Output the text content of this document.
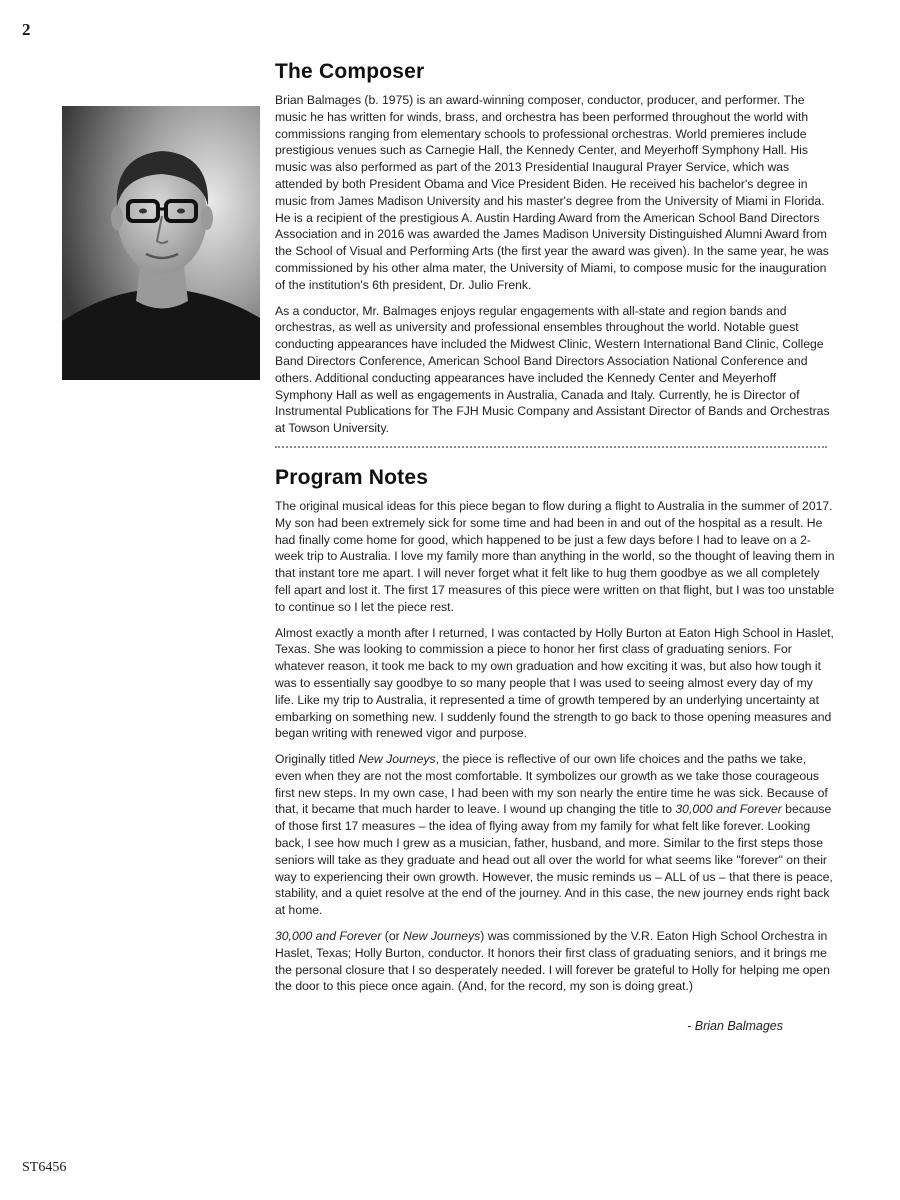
2
The Composer

Brian Balmages (b. 1975) is an award-winning composer, conductor, producer, and performer. The music he has written for winds, brass, and orchestra has been performed throughout the world with commissions ranging from elementary schools to professional orchestras. World premieres include prestigious venues such as Carnegie Hall, the Kennedy Center, and Meyerhoff Symphony Hall. His music was also performed as part of the 2013 Presidential Inaugural Prayer Service, which was attended by both President Obama and Vice President Biden. He received his bachelor's degree in music from James Madison University and his master's degree from the University of Miami in Florida. He is a recipient of the prestigious A. Austin Harding Award from the American School Band Directors Association and in 2016 was awarded the James Madison University Distinguished Alumni Award from the School of Visual and Performing Arts (the first year the award was given). In the same year, he was commissioned by his other alma mater, the University of Miami, to compose music for the inauguration of the institution's 6th president, Dr. Julio Frenk.

As a conductor, Mr. Balmages enjoys regular engagements with all-state and region bands and orchestras, as well as university and professional ensembles throughout the world. Notable guest conducting appearances have included the Midwest Clinic, Western International Band Clinic, College Band Directors Conference, American School Band Directors Association National Conference and others. Additional conducting appearances have included the Kennedy Center and Meyerhoff Symphony Hall as well as engagements in Australia, Canada and Italy. Currently, he is Director of Instrumental Publications for The FJH Music Company and Assistant Director of Bands and Orchestras at Towson University.

Program Notes

The original musical ideas for this piece began to flow during a flight to Australia in the summer of 2017. My son had been extremely sick for some time and had been in and out of the hospital as a result. He had finally come home for good, which happened to be just a few days before I had to leave on a 2-week trip to Australia. I love my family more than anything in the world, so the thought of leaving them in that instant tore me apart. I will never forget what it felt like to hug them goodbye as we all completely fell apart and lost it. The first 17 measures of this piece were written on that flight, but I was too unstable to continue so I let the piece rest.

Almost exactly a month after I returned, I was contacted by Holly Burton at Eaton High School in Haslet, Texas. She was looking to commission a piece to honor her first class of graduating seniors. For whatever reason, it took me back to my own graduation and how exciting it was, but also how tough it was to essentially say goodbye to so many people that I was used to seeing almost every day of my life. Like my trip to Australia, it represented a time of growth tempered by an underlying uncertainty at embarking on something new. I suddenly found the strength to go back to those opening measures and began writing with renewed vigor and purpose.

Originally titled New Journeys, the piece is reflective of our own life choices and the paths we take, even when they are not the most comfortable. It symbolizes our growth as we take those courageous first new steps. In my own case, I had been with my son nearly the entire time he was sick. Because of that, it became that much harder to leave. I wound up changing the title to 30,000 and Forever because of those first 17 measures – the idea of flying away from my family for what felt like forever. Looking back, I see how much I grew as a musician, father, husband, and more. Similar to the first steps those seniors will take as they graduate and head out all over the world for what seems like "forever" on their way to experiencing their own growth. However, the music reminds us – ALL of us – that there is peace, stability, and a quiet resolve at the end of the journey. And in this case, the new journey ends right back at home.

30,000 and Forever (or New Journeys) was commissioned by the V.R. Eaton High School Orchestra in Haslet, Texas; Holly Burton, conductor. It honors their first class of graduating seniors, and it brings me the personal closure that I so desperately needed. I will forever be grateful to Holly for helping me open the door to this piece once again. (And, for the record, my son is doing great.)

- Brian Balmages
ST6456
